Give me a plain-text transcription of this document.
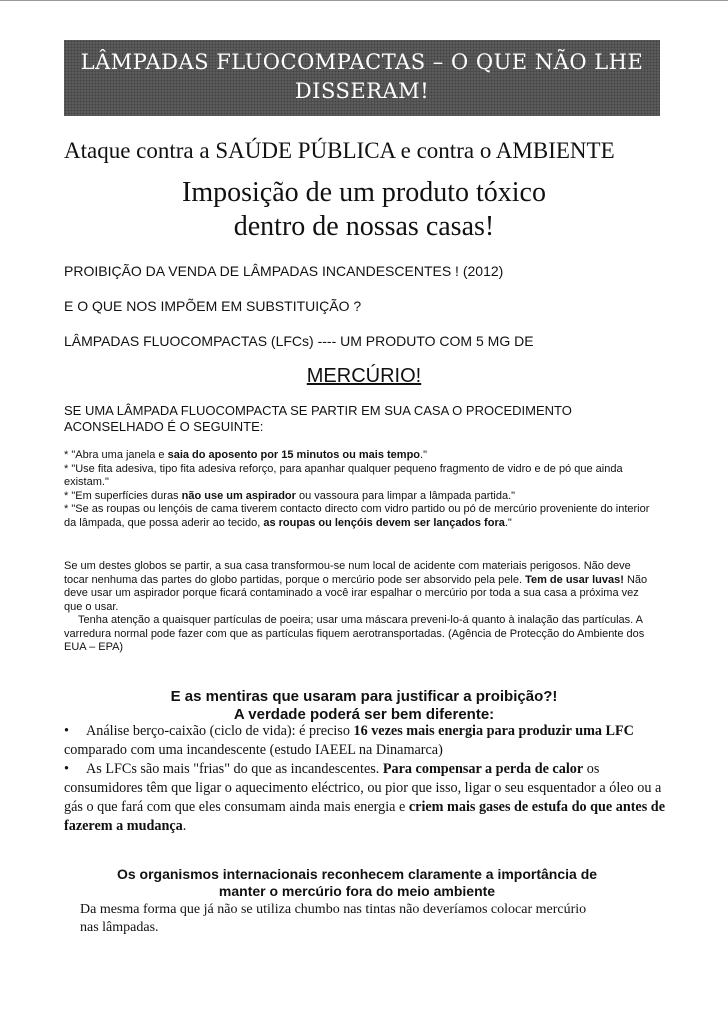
LÂMPADAS FLUOCOMPACTAS – O QUE NÃO LHE
DISSERAM!
Ataque contra a SAÚDE PÚBLICA e contra o AMBIENTE
Imposição de um produto tóxico
dentro de nossas casas!
PROIBIÇÃO DA VENDA DE LÂMPADAS INCANDESCENTES ! (2012)
E O QUE NOS IMPÕEM EM SUBSTITUIÇÃO ?
LÂMPADAS FLUOCOMPACTAS (LFCs) ---- UM PRODUTO COM 5 MG DE
MERCÚRIO!
SE UMA LÂMPADA FLUOCOMPACTA SE PARTIR EM SUA CASA O PROCEDIMENTO
ACONSELHADO É O SEGUINTE:

* "Abra uma janela e saia do aposento por 15 minutos ou mais tempo."

* "Use fita adesiva, tipo fita adesiva reforço, para apanhar qualquer pequeno fragmento de vidro e de pó que ainda existam."

* "Em superfícies duras não use um aspirador ou vassoura para limpar a lâmpada partida."

* "Se as roupas ou lençóis de cama tiverem contacto directo com vidro partido ou pó de mercúrio proveniente do interior da lâmpada, que possa aderir ao tecido, as roupas ou lençóis devem ser lançados fora."

Se um destes globos se partir, a sua casa transformou-se num local de acidente com materiais perigosos. Não deve tocar nenhuma das partes do globo partidas, porque o mercúrio pode ser absorvido pela pele. Tem de usar luvas! Não deve usar um aspirador porque ficará contaminado a você irar espalhar o mercúrio por toda a sua casa a próxima vez que o usar.

Tenha atenção a quaisquer partículas de poeira; usar uma máscara preveni-lo-á quanto à inalação das partículas. A varredura normal pode fazer com que as partículas fiquem aerotransportadas. (Agência de Protecção do Ambiente dos EUA – EPA)

E as mentiras que usaram para justificar a proibição?!
A verdade poderá ser bem diferente:

• Análise berço-caixão (ciclo de vida): é preciso 16 vezes mais energia para produzir uma LFC comparado com uma incandescente (estudo IAEEL na Dinamarca)

• As LFCs são mais "frias" do que as incandescentes. Para compensar a perda de calor os consumidores têm que ligar o aquecimento eléctrico, ou pior que isso, ligar o seu esquentador a óleo ou a gás o que fará com que eles consumam ainda mais energia e criem mais gases de estufa do que antes de fazerem a mudança.

Os organismos internacionais reconhecem claramente a importância de
manter o mercúrio fora do meio ambiente
Da mesma forma que já não se utiliza chumbo nas tintas não deveríamos colocar mercúrio nas lâmpadas.
